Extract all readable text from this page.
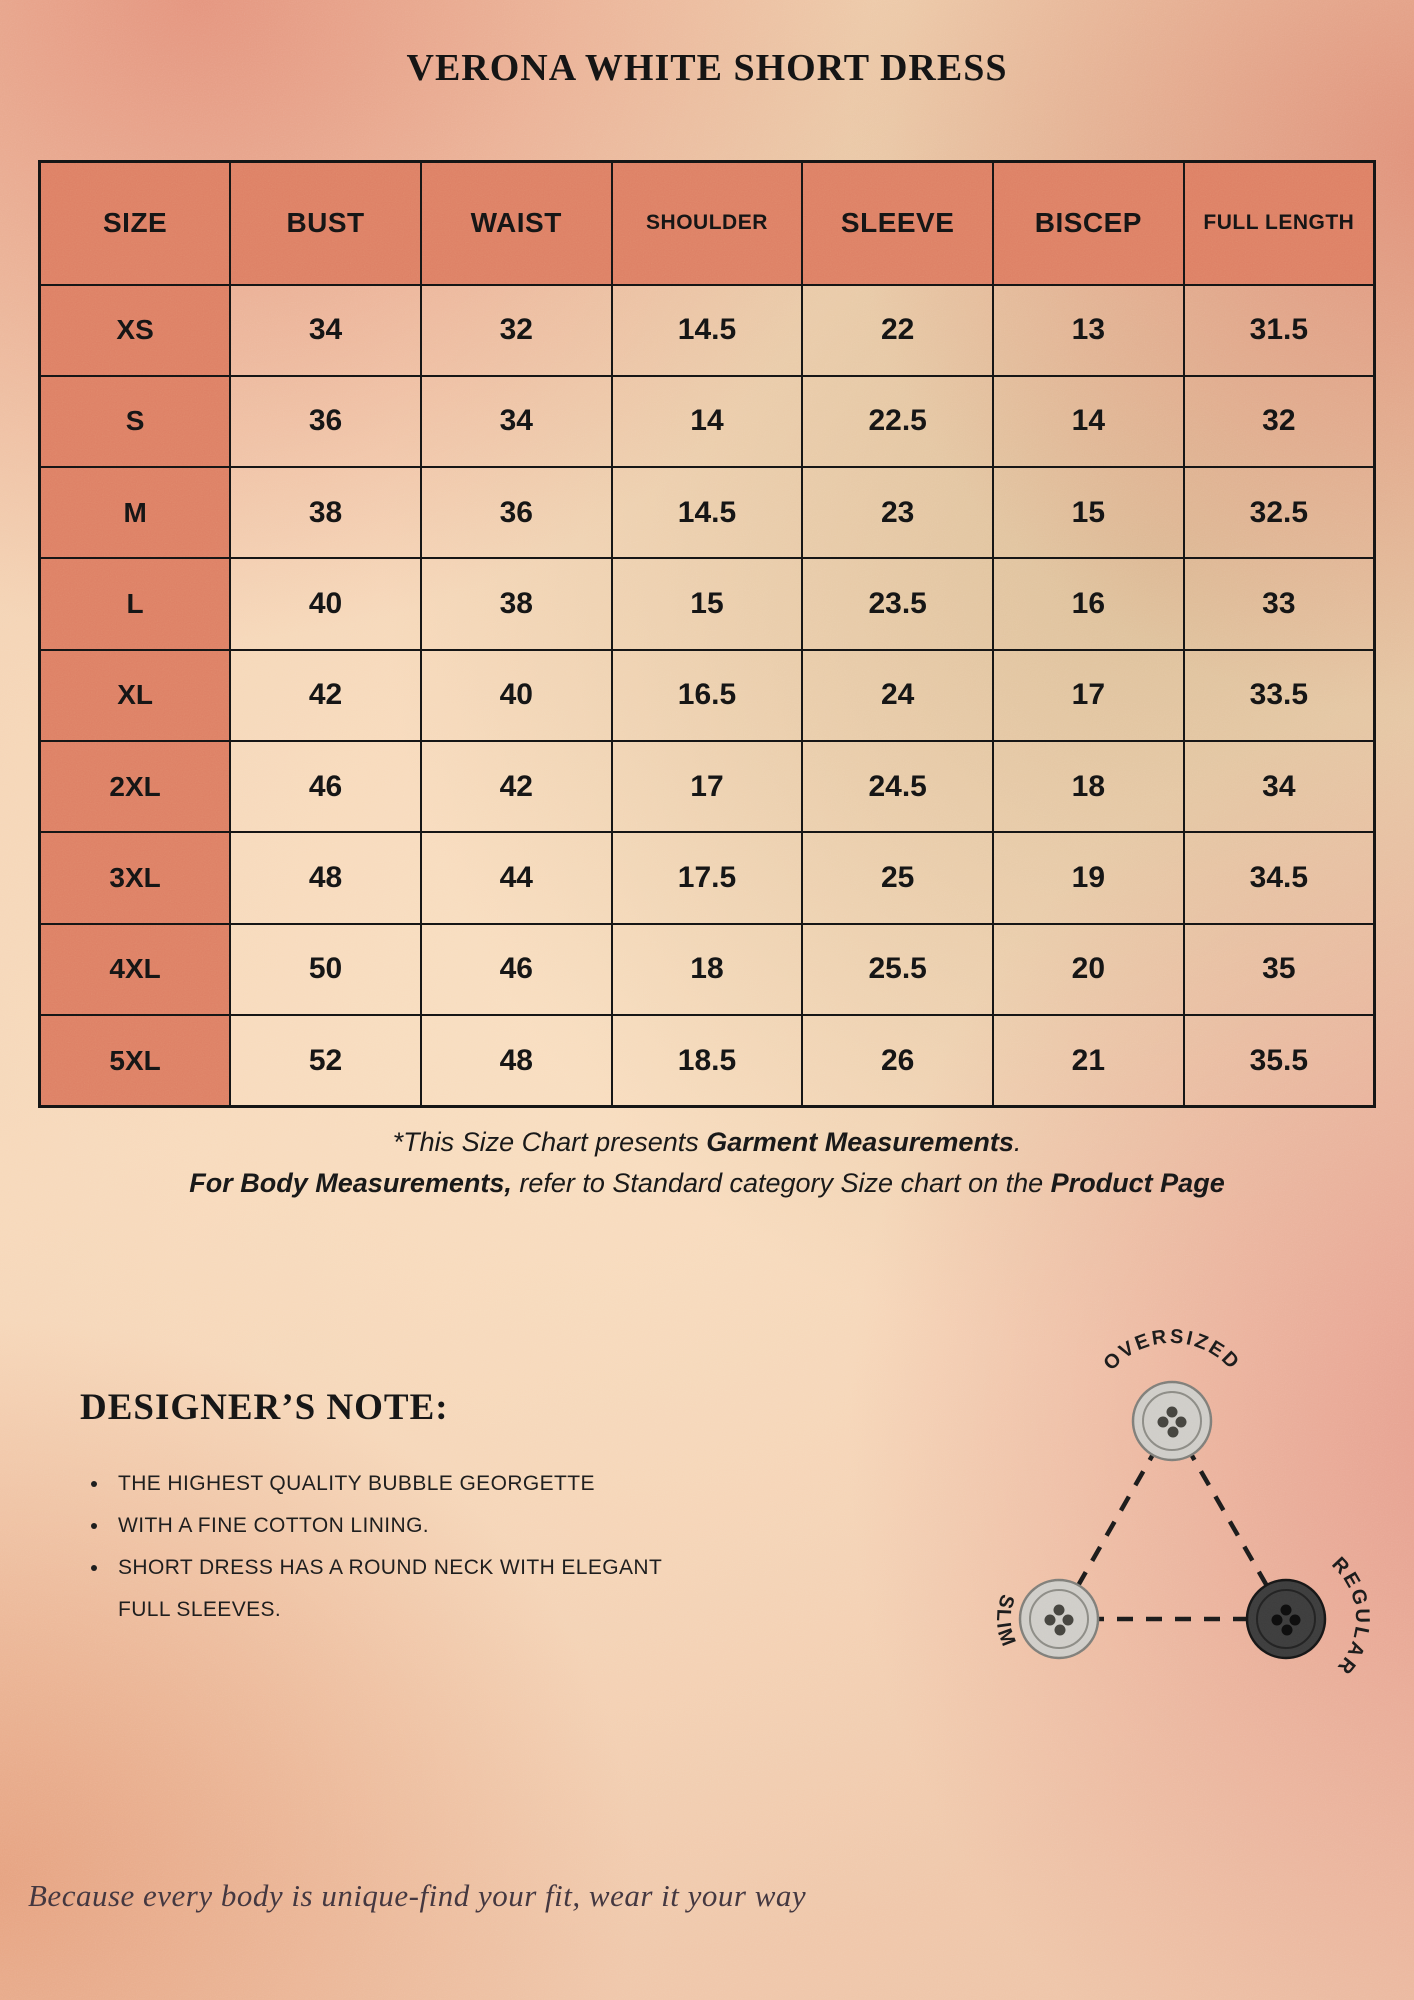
VERONA WHITE SHORT DRESS
SIZE	BUST	WAIST	SHOULDER	SLEEVE	BISCEP	FULL LENGTH
XS	34	32	14.5	22	13	31.5
S	36	34	14	22.5	14	32
M	38	36	14.5	23	15	32.5
L	40	38	15	23.5	16	33
XL	42	40	16.5	24	17	33.5
2XL	46	42	17	24.5	18	34
3XL	48	44	17.5	25	19	34.5
4XL	50	46	18	25.5	20	35
5XL	52	48	18.5	26	21	35.5

*This Size Chart presents Garment Measurements.

For Body Measurements, refer to Standard category Size chart on the Product Page

DESIGNER’S NOTE:
• THE HIGHEST QUALITY BUBBLE GEORGETTE
• WITH A FINE COTTON LINING.
• SHORT DRESS HAS A ROUND NECK WITH ELEGANT FULL SLEEVES.
OVERSIZED
SLIM
REGULAR

Because every body is unique-find your fit, wear it your way
